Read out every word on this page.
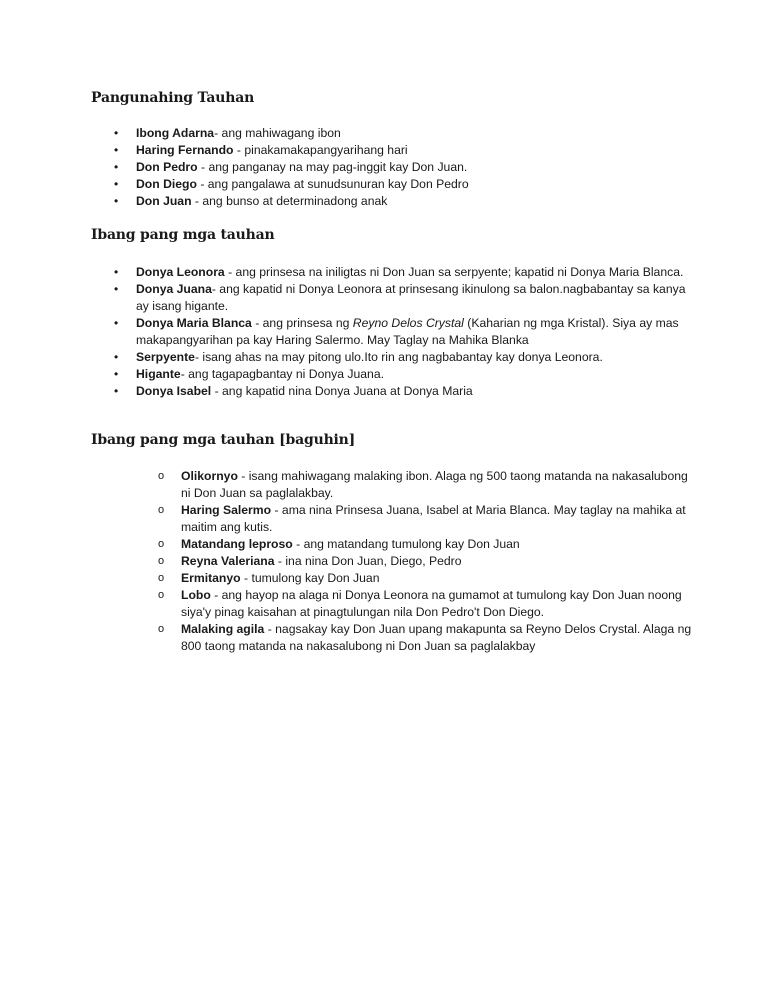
Pangunahing Tauhan
• Ibong Adarna- ang mahiwagang ibon
• Haring Fernando - pinakamakapangyarihang hari
• Don Pedro - ang panganay na may pag-inggit kay Don Juan.
• Don Diego - ang pangalawa at sunudsunuran kay Don Pedro
• Don Juan - ang bunso at determinadong anak
Ibang pang mga tauhan
• Donya Leonora - ang prinsesa na iniligtas ni Don Juan sa serpyente; kapatid ni Donya Maria Blanca.
• Donya Juana- ang kapatid ni Donya Leonora at prinsesang ikinulong sa balon.nagbabantay sa kanya ay isang higante.
• Donya Maria Blanca - ang prinsesa ng Reyno Delos Crystal (Kaharian ng mga Kristal). Siya ay mas makapangyarihan pa kay Haring Salermo. May Taglay na Mahika Blanka
• Serpyente- isang ahas na may pitong ulo.Ito rin ang nagbabantay kay donya Leonora.
• Higante- ang tagapagbantay ni Donya Juana.
• Donya Isabel - ang kapatid nina Donya Juana at Donya Maria
Ibang pang mga tauhan [baguhin]
o Olikornyo - isang mahiwagang malaking ibon. Alaga ng 500 taong matanda na nakasalubong ni Don Juan sa paglalakbay.
o Haring Salermo - ama nina Prinsesa Juana, Isabel at Maria Blanca. May taglay na mahika at maitim ang kutis.
o Matandang leproso - ang matandang tumulong kay Don Juan
o Reyna Valeriana - ina nina Don Juan, Diego, Pedro
o Ermitanyo - tumulong kay Don Juan
o Lobo - ang hayop na alaga ni Donya Leonora na gumamot at tumulong kay Don Juan noong siya'y pinag kaisahan at pinagtulungan nila Don Pedro't Don Diego.
o Malaking agila - nagsakay kay Don Juan upang makapunta sa Reyno Delos Crystal. Alaga ng 800 taong matanda na nakasalubong ni Don Juan sa paglalakbay
